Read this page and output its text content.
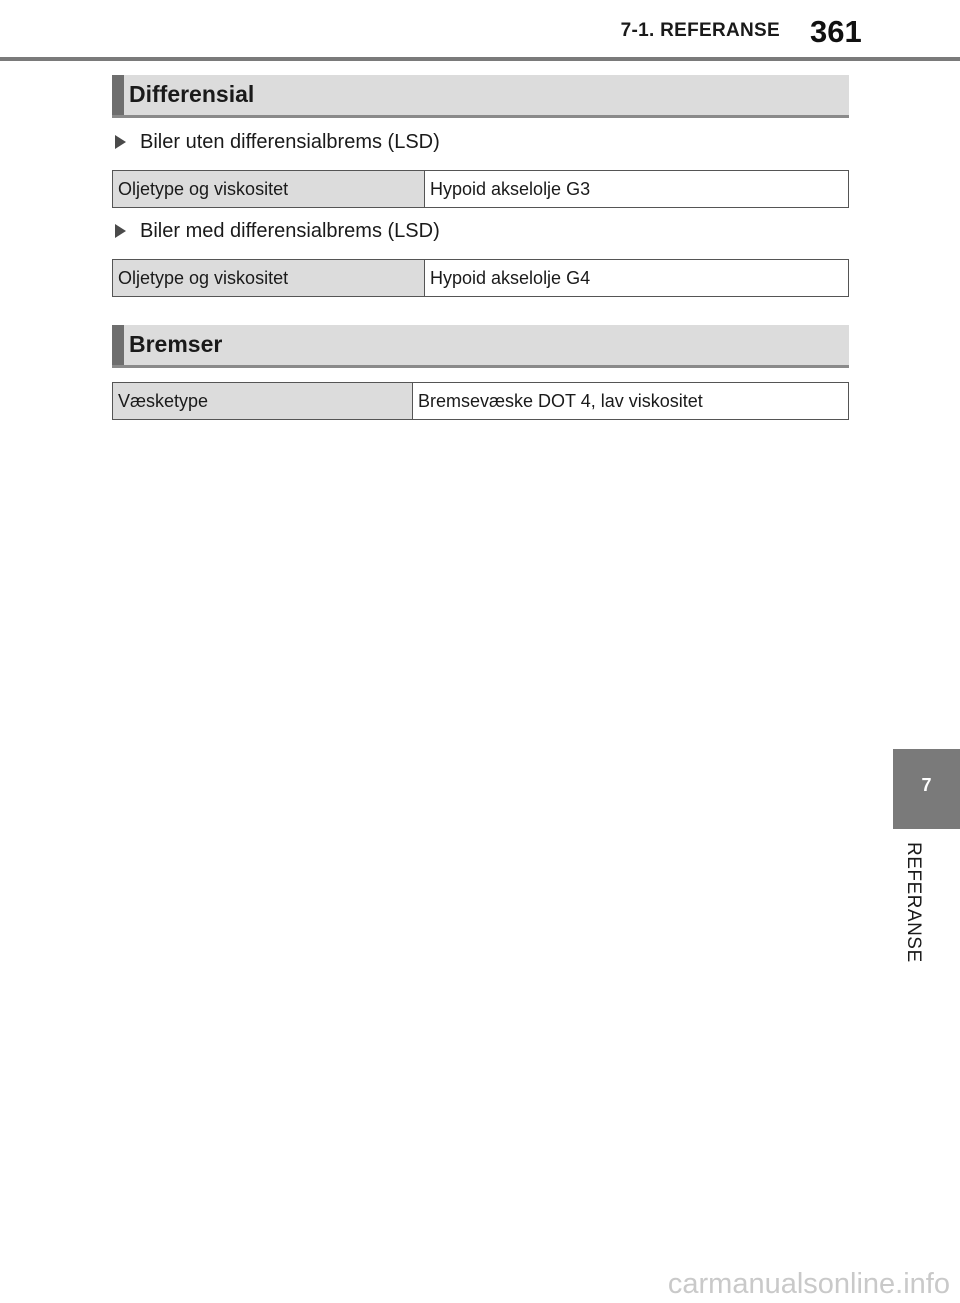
7-1. REFERANSE 361
Differensial
Biler uten differensialbrems (LSD)
Oljetype og viskositet	Hypoid akselolje G3
Biler med differensialbrems (LSD)
Oljetype og viskositet	Hypoid akselolje G4
Bremser
Væsketype	Bremsevæske DOT 4, lav viskositet
7
REFERANSE
carmanualsonline.info
